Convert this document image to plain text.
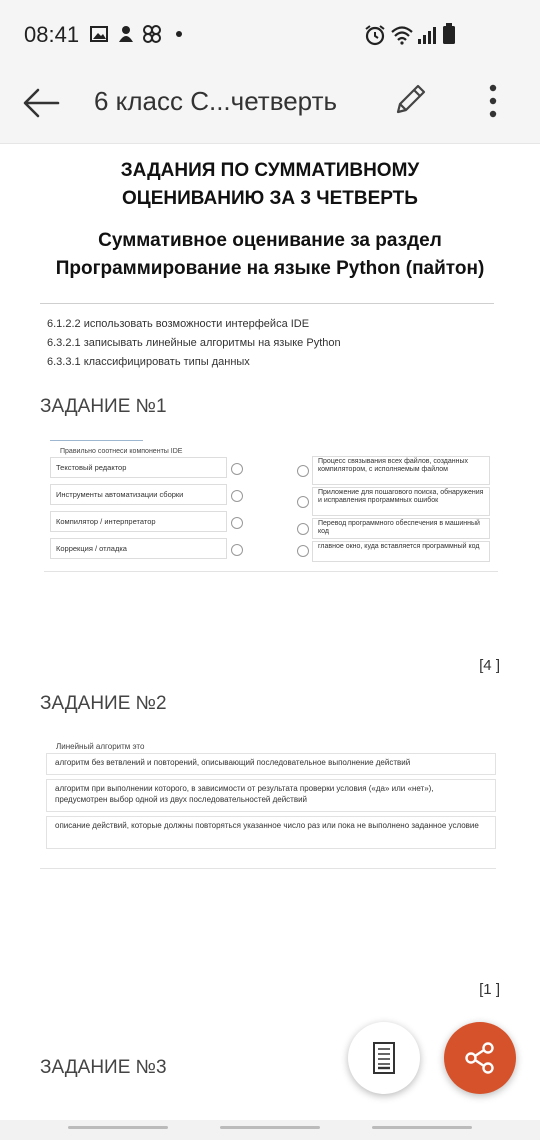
08:41
6 класс С...четверть
ЗАДАНИЯ ПО СУММАТИВНОМУ
ОЦЕНИВАНИЮ ЗА 3 ЧЕТВЕРТЬ
Суммативное оценивание за раздел
Программирование на языке Python (пайтон)
6.1.2.2 использовать возможности интерфейса IDE
6.3.2.1 записывать линейные алгоритмы на языке Python
6.3.3.1 классифицировать типы данных
ЗАДАНИЕ №1
Правильно соотнеси компоненты IDE
Текстовый редактор
Инструменты автоматизации сборки
Компилятор / интерпретатор
Коррекция / отладка
Процесс связывания всех файлов, созданных компилятором, с исполняемым файлом
Приложение для пошагового поиска, обнаружения и исправления программных ошибок
Перевод программного обеспечения в машинный код
главное окно, куда вставляется программный код
[4 ]
ЗАДАНИЕ №2
Линейный алгоритм это
алгоритм без ветвлений и повторений, описывающий последовательное выполнение действий
алгоритм при выполнении которого, в зависимости от результата проверки условия («да» или «нет»), предусмотрен выбор одной из двух последовательностей действий
описание действий, которые должны повторяться указанное число раз или пока не выполнено заданное условие
[1 ]
ЗАДАНИЕ №3
